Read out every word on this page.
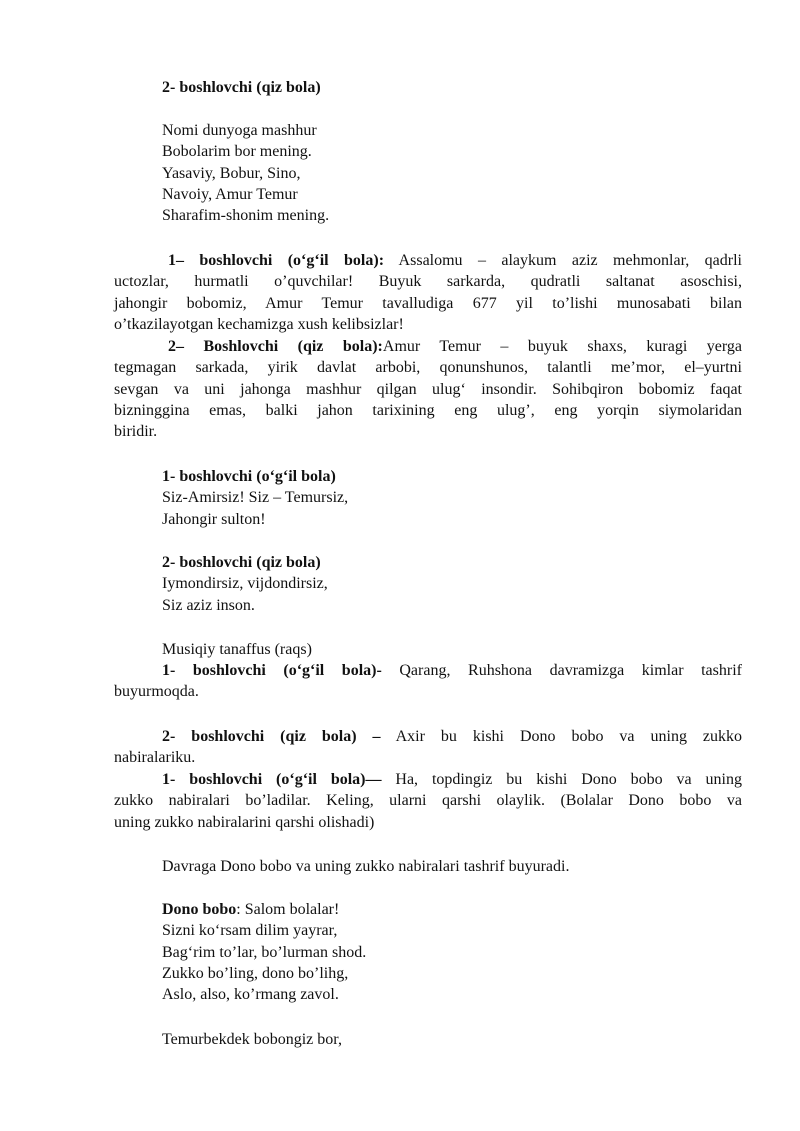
2- boshlovchi (qiz bola)
Nomi dunyoga mashhur
Bobolarim bor mening.
Yasaviy, Bobur, Sino,
Navoiy, Amur Temur
Sharafim-shonim mening.
1– boshlovchi (o‘g‘il bola): Assalomu – alaykum aziz mehmonlar, qadrli
uctozlar, hurmatli o’quvchilar! Buyuk sarkarda, qudratli saltanat asoschisi,
jahongir bobomiz, Amur Temur tavalludiga 677 yil to’lishi munosabati bilan
o’tkazilayotgan kechamizga xush kelibsizlar!
2– Boshlovchi (qiz bola):Amur Temur – buyuk shaxs, kuragi yerga
tegmagan sarkada, yirik davlat arbobi, qonunshunos, talantli me’mor, el–yurtni
sevgan va uni jahonga mashhur qilgan ulug‘ insondir. Sohibqiron bobomiz faqat
bizninggina emas, balki jahon tarixining eng ulug’, eng yorqin siymolaridan
biridir.
1- boshlovchi (o‘g‘il bola)
Siz-Amirsiz! Siz – Temursiz,
Jahongir sulton!
2- boshlovchi (qiz bola)
Iymondirsiz, vijdondirsiz,
Siz aziz inson.
Musiqiy tanaffus (raqs)
1- boshlovchi (o‘g‘il bola)- Qarang, Ruhshona davramizga kimlar tashrif
buyurmoqda.
2- boshlovchi (qiz bola) – Axir bu kishi Dono bobo va uning zukko
nabiralariku.
1- boshlovchi (o‘g‘il bola)— Ha, topdingiz bu kishi Dono bobo va uning
zukko nabiralari bo’ladilar. Keling, ularni qarshi olaylik. (Bolalar Dono bobo va
uning zukko nabiralarini qarshi olishadi)
Davraga Dono bobo va uning zukko nabiralari tashrif buyuradi.
Dono bobo: Salom bolalar!
Sizni ko‘rsam dilim yayrar,
Bag‘rim to’lar, bo’lurman shod.
Zukko bo’ling, dono bo’lihg,
Aslo, also, ko’rmang zavol.
Temurbekdek bobongiz bor,
